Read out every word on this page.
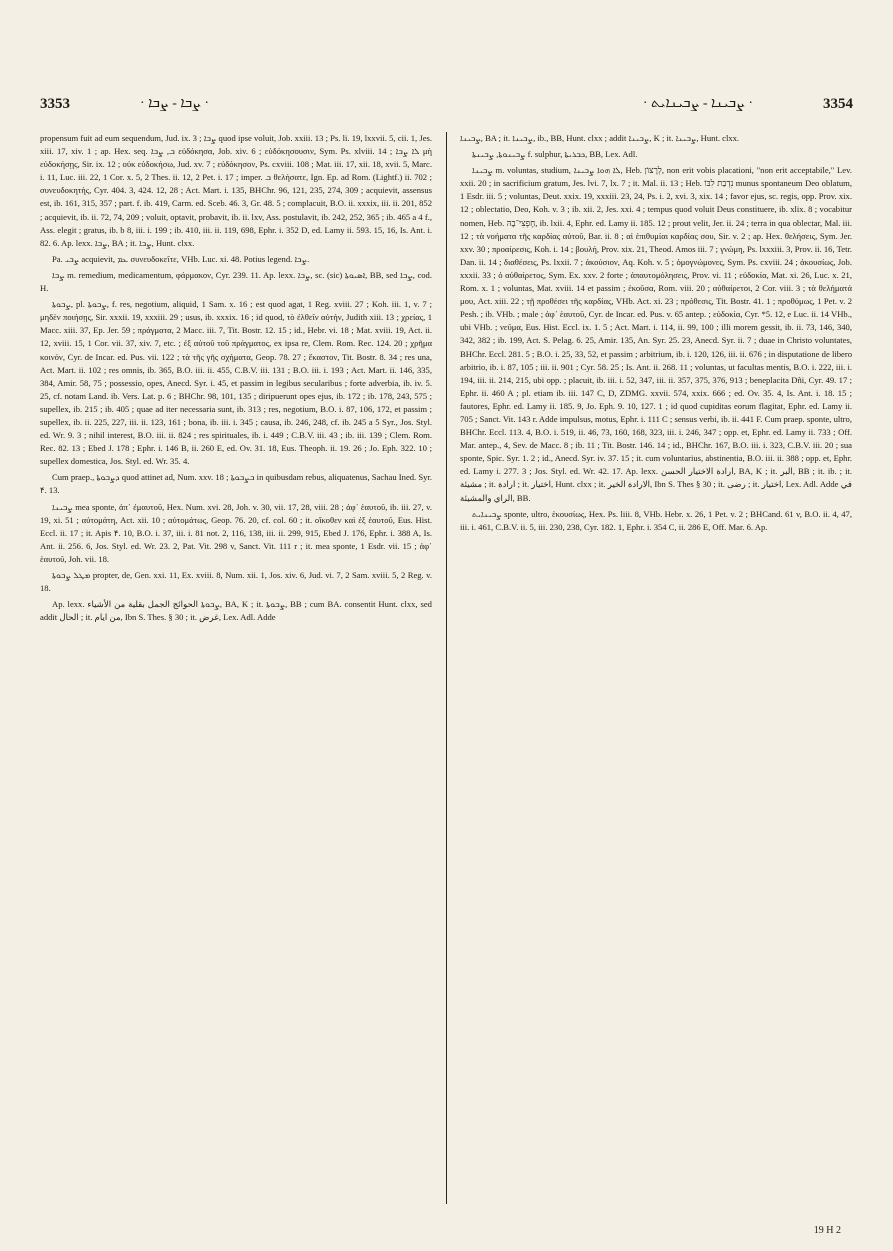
3353	· ܨܒܐ - ܨܒܐ ·	· ܨܒܝܢܐ - ܨܒܝܢܐܝܬ ·	3354

propensum fuit ad eum sequendum, Jud. ix. 3 ; ܨܒܐ quod ipse voluit, Job. xxiii. 13 ; Ps. li. 19, lxxvii. 5, cii. 1, Jes. xiii. 17, xiv. 1 ; ap. Hex. seq. ܒ, ܨܒܐ εὐδόκησα, Job. xiv. 6 ; εὐδόκησουσιν, Sym. Ps. xlviii. 14 ; ܠܐ ܨܒܐ μὴ εὐδοκήσῃς, Sir. ix. 12 ; οὐκ εὐδοκήσω, Jud. xv. 7 ; εὐδόκησον, Ps. cxviii. 108 ; Mat. iii. 17, xii. 18, xvii. 5, Marc. i. 11, Luc. iii. 22, 1 Cor. x. 5, 2 Thes. ii. 12, 2 Pet. i. 17 ; imper. ܒ θελήσατε, Ign. Ep. ad Rom. (Lightf.) ii. 702 ; συνευδοκητής, Cyr. 404. 3, 424. 12, 28 ; Act. Mart. i. 135, BHChr. 96, 121, 235, 274, 309 ; acquievit, assensus est, ib. 161, 315, 357 ; part. f. ib. 419, Carm. ed. Sceb. 46. 3, Gr. 48. 5 ; complacuit, B.O. ii. xxxix, iii. ii. 201, 852 ; acquievit, ib. ii. 72, 74, 209 ; voluit, optavit, probavit, ib. ii. lxv, Ass. postulavit, ib. 242, 252, 365 ; ib. 465 a 4 f., Ass. elegit ; gratus, ib. b 8, iii. i. 199 ; ib. 410, iii. ii. 119, 698, Ephr. i. 352 D, ed. Lamy ii. 593. 15, 16, Is. Ant. i. 82. 6. Ap. lexx. ܨܒܐ, BA ; it. ܨܒܐ, Hunt. clxx.

Pa. ܨܒܝ acquievit, ܥܡ συνευδοκεῖτε, VHb. Luc. xi. 48. Potius legend. ܨܒܐ.

ܨܒܐ m. remedium, medicamentum, φάρμακον, Cyr. 239. 11. Ap. lexx. ܨܒܐ, sc. (sic) ܐܣܝܘܬܐ, BB, sed ܨܒܐ, cod. H.

ܨܒܘܬܐ, pl. ܨܒܘܬܐ, f. res, negotium, aliquid, 1 Sam. x. 16 ; est quod agat, 1 Reg. xviii. 27 ; Koh. iii. 1, v. 7 ; μηδὲν ποιήσῃς, Sir. xxxii. 19, xxxiii. 29 ; usus, ib. xxxix. 16 ; id quod, τὸ ἐλθεῖν αὐτήν, Judith xiii. 13 ; χρείας, 1 Macc. xiii. 37, Ep. Jer. 59 ; πράγματα, 2 Macc. iii. 7, Tit. Bostr. 12. 15 ; id., Hebr. vi. 18 ; Mat. xviii. 19, Act. ii. 12, xviii. 15, 1 Cor. vii. 37, xiv. 7, etc. ; ἐξ αὐτοῦ τοῦ πράγματος, ex ipsa re, Clem. Rom. Rec. 124. 20 ; χρῆμα κοινόν, Cyr. de Incar. ed. Pus. vii. 122 ; τὰ τῆς γῆς σχήματα, Geop. 78. 27 ; ἕκαστον, Tit. Bostr. 8. 34 ; res una, Act. Mart. ii. 102 ; res omnis, ib. 365, B.O. iii. ii. 455, C.B.V. iii. 131 ; B.O. iii. i. 193 ; Act. Mart. ii. 146, 335, 384, Amir. 58, 75 ; possessio, opes, Anecd. Syr. i. 45, et passim in legibus secularibus ; forte adverbia, ib. iv. 5. 25, cf. notam Land. ib. Vers. Lat. p. 6 ; BHChr. 98, 101, 135 ; diripuerunt opes ejus, ib. 172 ; ib. 178, 243, 575 ; supellex, ib. 215 ; ib. 405 ; quae ad iter necessaria sunt, ib. 313 ; res, negotium, B.O. i. 87, 106, 172, et passim ; supellex, ib. ii. 225, 227, iii. ii. 123, 161 ; bona, ib. iii. i. 345 ; causa, ib. 246, 248, cf. ib. 245 a 5 Syr., Jos. Styl. ed. Wr. 9. 3 ; nihil interest, B.O. iii. ii. 824 ; res spirituales, ib. i. 449 ; C.B.V. iii. 43 ; ib. iii. 139 ; Clem. Rom. Rec. 82. 13 ; Ebed J. 178 ; Ephr. i. 146 B, ii. 260 E, ed. Ov. 31. 18, Eus. Theoph. ii. 19. 26 ; Jo. Eph. 322. 10 ; supellex domestica, Jos. Styl. ed. Wr. 35. 4.

Cum praep., ܕܨܒܘܬܐ quod attinet ad, Num. xxv. 18 ; ܒܨܒܘܬܐ in quibusdam rebus, aliquatenus, Sachau Ined. Syr. ۴. 13.

ܨܒܝܢܐ mea sponte, ἀπ᾽ ἐμαυτοῦ, Hex. Num. xvi. 28, Joh. v. 30, vii. 17, 28, viii. 28 ; ἀφ᾽ ἑαυτοῦ, ib. iii. 27, v. 19, xi. 51 ; αὐτομάτη, Act. xii. 10 ; αὐτομάτως, Geop. 76. 20, cf. col. 60 ; it. οἴκοθεν καὶ ἐξ ἑαυτοῦ, Eus. Hist. Eccl. ii. 17 ; it. Apis ۴. 10, B.O. i. 37, iii. i. 81 not. 2, 116, 138, iii. ii. 299, 915, Ebed J. 176, Ephr. i. 388 A, Is. Ant. ii. 256. 6, Jos. Styl. ed. Wr. 23. 2, Pat. Vit. 298 v, Sanct. Vit. 111 r ; it. mea sponte, 1 Esdr. vii. 15 ; ἀφ᾽ ἑαυτοῦ, Joh. vii. 18.

ܡܛܠ ܨܒܘܬܐ propter, de, Gen. xxi. 11, Ex. xviii. 8, Num. xii. 1, Jos. xiv. 6, Jud. vi. 7, 2 Sam. xviii. 5, 2 Reg. v. 18.

Ap. lexx. ܨܒܘܬܐ الحوائج الجمل بقلية من الأشياء, BA, K ; it. ܨܒܘܬܐ, BB ; cum BA. consentit Hunt. clxx, sed addit الحال ; it. من ايام, Ibn S. Thes. § 30 ; it. غرض, Lex. Adl. Adde

ܨܒܝܢܐ, BA ; it. ܨܒܝܢܐ, ib., BB, Hunt. clxx ; addit ܨܒܝܢܐ, K ; it. ܨܒܝܢܐ, Hunt. clxx.

ܨܒܝܢܘܬܐ, ܨܒܝܢܬܐ f. sulphur, ܟܒܪܝܬܐ, BB, Lex. Adl.

ܨܒܝܢܐ m. voluntas, studium, ܠܐ ܗܘܐ ܨܒܝܢܐ, Heb. לְרָצוֹן, non erit vobis placationi, "non erit acceptabile," Lev. xxii. 20 ; in sacrificium gratum, Jes. lvi. 7, lx. 7 ; it. Mal. ii. 13 ; Heb. נִדְבַת לִבּוֹ munus spontaneum Deo oblatum, 1 Esdr. iii. 5 ; voluntas, Deut. xxix. 19, xxxiii. 23, 24, Ps. i. 2, xvi. 3, xix. 14 ; favor ejus, sc. regis, opp. Prov. xix. 12 ; oblectatio, Deo, Koh. v. 3 ; ib. xii. 2, Jes. xxi. 4 ; tempus quod voluit Deus constituere, ib. xlix. 8 ; vocabitur nomen, Heb. חֶפְצִי־בָהּ, ib. lxii. 4, Ephr. ed. Lamy ii. 185. 12 ; prout velit, Jer. ii. 24 ; terra in qua oblectar, Mal. iii. 12 ; τὰ νοήματα τῆς καρδίας αὐτοῦ, Bar. ii. 8 ; αἱ ἐπιθυμίαι καρδίας σου, Sir. v. 2 ; ap. Hex. θελήσεις, Sym. Jer. xxv. 30 ; προαίρεσις, Koh. i. 14 ; βουλή, Prov. xix. 21, Theod. Amos iii. 7 ; γνώμη, Ps. lxxxiii. 3, Prov. ii. 16, Tetr. Dan. ii. 14 ; διαθέσεις, Ps. lxxii. 7 ; ἀκούσιον, Aq. Koh. v. 5 ; ὁμογνώμονες, Sym. Ps. cxviii. 24 ; ἀκουσίως, Job. xxxii. 33 ; ὁ αὐθαίρετος, Sym. Ex. xxv. 2 forte ; ἀπαυτομόλησεις, Prov. vi. 11 ; εὐδοκία, Mat. xi. 26, Luc. x. 21, Rom. x. 1 ; voluntas, Mat. xviii. 14 et passim ; ἑκοῦσα, Rom. viii. 20 ; αὐθαίρετοι, 2 Cor. viii. 3 ; τὰ θελήματά μου, Act. xiii. 22 ; τῇ προθέσει τῆς καρδίας, VHb. Act. xi. 23 ; πρόθεσις, Tit. Bostr. 41. 1 ; προθύμως, 1 Pet. v. 2 Pesh. ; ib. VHb. ; male ; ἀφ᾽ ἑαυτοῦ, Cyr. de Incar. ed. Pus. v. 65 antep. ; εὐδοκία, Cyr. *5. 12, e Luc. ii. 14 VHb., ubi VHb. ; νεῦμα, Eus. Hist. Eccl. ix. 1. 5 ; Act. Mart. i. 114, ii. 99, 100 ; illi morem gessit, ib. ii. 73, 146, 340, 342, 382 ; ib. 199, Act. S. Pelag. 6. 25, Amir. 135, An. Syr. 25. 23, Anecd. Syr. ii. 7 ; duae in Christo voluntates, BHChr. Eccl. 281. 5 ; B.O. i. 25, 33, 52, et passim ; arbitrium, ib. i. 120, 126, iii. ii. 676 ; in disputatione de libero arbitrio, ib. i. 87, 105 ; iii. ii. 901 ; Cyr. 58. 25 ; Is. Ant. ii. 268. 11 ; voluntas, ut facultas mentis, B.O. i. 222, iii. i. 194, iii. ii. 214, 215, ubi opp. ; placuit, ib. iii. i. 52, 347, iii. ii. 357, 375, 376, 913 ; beneplacita Dñi, Cyr. 49. 17 ; Ephr. ii. 460 A ; pl. etiam ib. iii. 147 C, D, ZDMG. xxvii. 574, xxix. 666 ; ed. Ov. 35. 4, Is. Ant. i. 18. 15 ; fautores, Ephr. ed. Lamy ii. 185. 9, Jo. Eph. 9. 10, 127. 1 ; id quod cupiditas eorum flagitat, Ephr. ed. Lamy ii. 705 ; Sanct. Vit. 143 r. Adde impulsus, motus, Ephr. i. 111 C ; sensus verbi, ib. ii. 441 F. Cum praep. sponte, ultro, BHChr. Eccl. 113. 4, B.O. i. 519, ii. 46, 73, 160, 168, 323, iii. i. 246, 347 ; opp. et, Ephr. ed. Lamy ii. 733 ; Off. Mar. antep., 4, Sev. de Macc. 8 ; ib. 11 ; Tit. Bostr. 146. 14 ; id., BHChr. 167, B.O. iii. i. 323, C.B.V. iii. 20 ; sua sponte, Spic. Syr. 1. 2 ; id., Anecd. Syr. iv. 37. 15 ; it. cum voluntarius, abstinentia, B.O. iii. ii. 388 ; opp. et, Ephr. ed. Lamy i. 277. 3 ; Jos. Styl. ed. Wr. 42. 17. Ap. lexx. ارادة الاختيار الحسن, BA, K ; it. البر, BB ; it. ib. ; it. مشيئة ; it. ارادة ; it. اختيار, Hunt. clxx ; it. الارادة الخير, Ibn S. Thes § 30 ; it. رضى ; it. اختيار, Lex. Adl. Adde في الراي والمشيئة, BB.

ܨܒܝܢܐܝܬ sponte, ultro, ἑκουσίως, Hex. Ps. liii. 8, VHb. Hebr. x. 26, 1 Pet. v. 2 ; BHCand. 61 v, B.O. ii. 4, 47, iii. i. 461, C.B.V. ii. 5, iii. 230, 238, Cyr. 182. 1, Ephr. i. 354 C, ii. 286 E, Off. Mar. 6. Ap.

19 H 2
